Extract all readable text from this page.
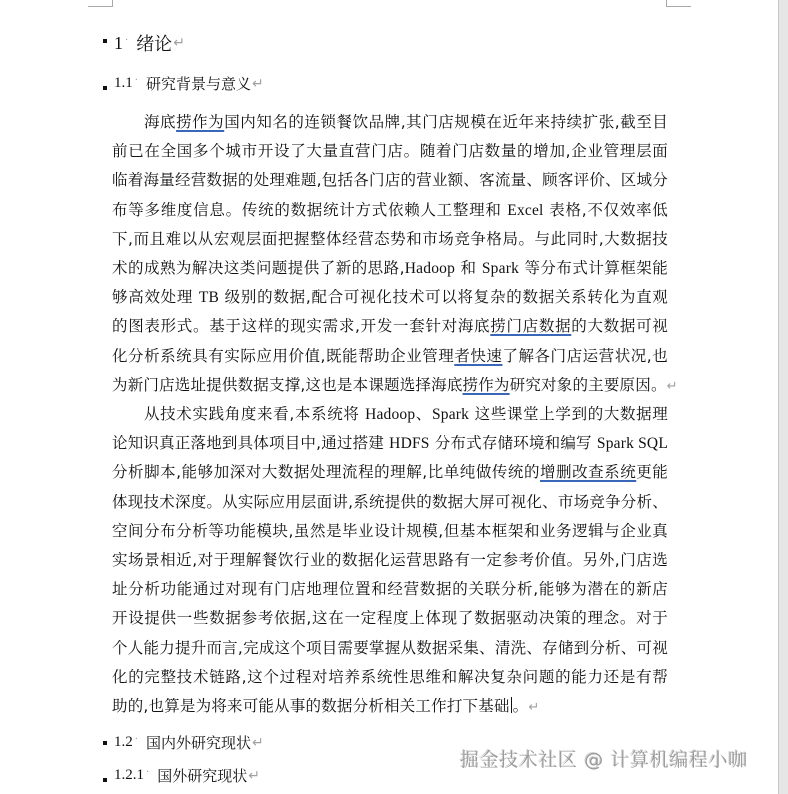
1 · 绪论 ↵
1.1 · 研究背景与意义 ↵
海底捞作为国内知名的连锁餐饮品牌,其门店规模在近年来持续扩张,截至目
前已在全国多个城市开设了大量直营门店。随着门店数量的增加,企业管理层面
临着海量经营数据的处理难题,包括各门店的营业额、客流量、顾客评价、区域分
布等多维度信息。传统的数据统计方式依赖人工整理和 Excel 表格,不仅效率低
下,而且难以从宏观层面把握整体经营态势和市场竞争格局。与此同时,大数据技
术的成熟为解决这类问题提供了新的思路,Hadoop 和 Spark 等分布式计算框架能
够高效处理 TB 级别的数据,配合可视化技术可以将复杂的数据关系转化为直观
的图表形式。基于这样的现实需求,开发一套针对海底捞门店数据的大数据可视
化分析系统具有实际应用价值,既能帮助企业管理者快速了解各门店运营状况,也
为新门店选址提供数据支撑,这也是本课题选择海底捞作为研究对象的主要原因。↵
从技术实践角度来看,本系统将 Hadoop、Spark 这些课堂上学到的大数据理
论知识真正落地到具体项目中,通过搭建 HDFS 分布式存储环境和编写 Spark SQL
分析脚本,能够加深对大数据处理流程的理解,比单纯做传统的增删改查系统更能
体现技术深度。从实际应用层面讲,系统提供的数据大屏可视化、市场竞争分析、
空间分布分析等功能模块,虽然是毕业设计规模,但基本框架和业务逻辑与企业真
实场景相近,对于理解餐饮行业的数据化运营思路有一定参考价值。另外,门店选
址分析功能通过对现有门店地理位置和经营数据的关联分析,能够为潜在的新店
开设提供一些数据参考依据,这在一定程度上体现了数据驱动决策的理念。对于
个人能力提升而言,完成这个项目需要掌握从数据采集、清洗、存储到分析、可视
化的完整技术链路,这个过程对培养系统性思维和解决复杂问题的能力还是有帮
助的,也算是为将来可能从事的数据分析相关工作打下基础 。↵
1.2 · 国内外研究现状 ↵
1.2.1 · 国外研究现状 ↵
掘金技术社区 @ 计算机编程小咖
